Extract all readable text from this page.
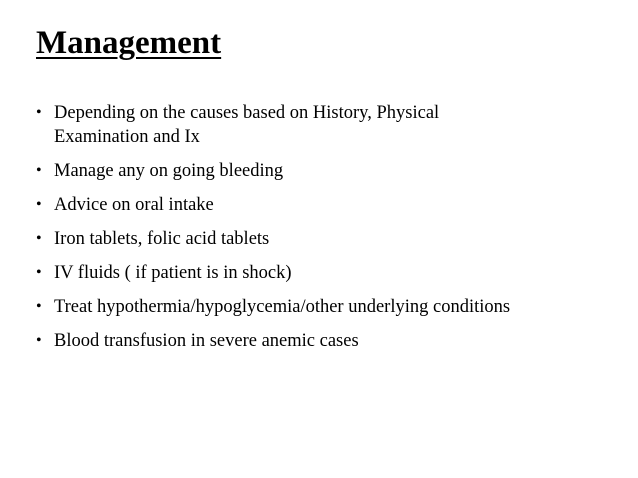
Management
• Depending on the causes based on History, Physical
Examination and Ix
• Manage any on going bleeding
• Advice on oral intake
• Iron tablets, folic acid tablets
• IV fluids ( if patient is in shock)
• Treat hypothermia/hypoglycemia/other underlying conditions
• Blood transfusion in severe anemic cases
